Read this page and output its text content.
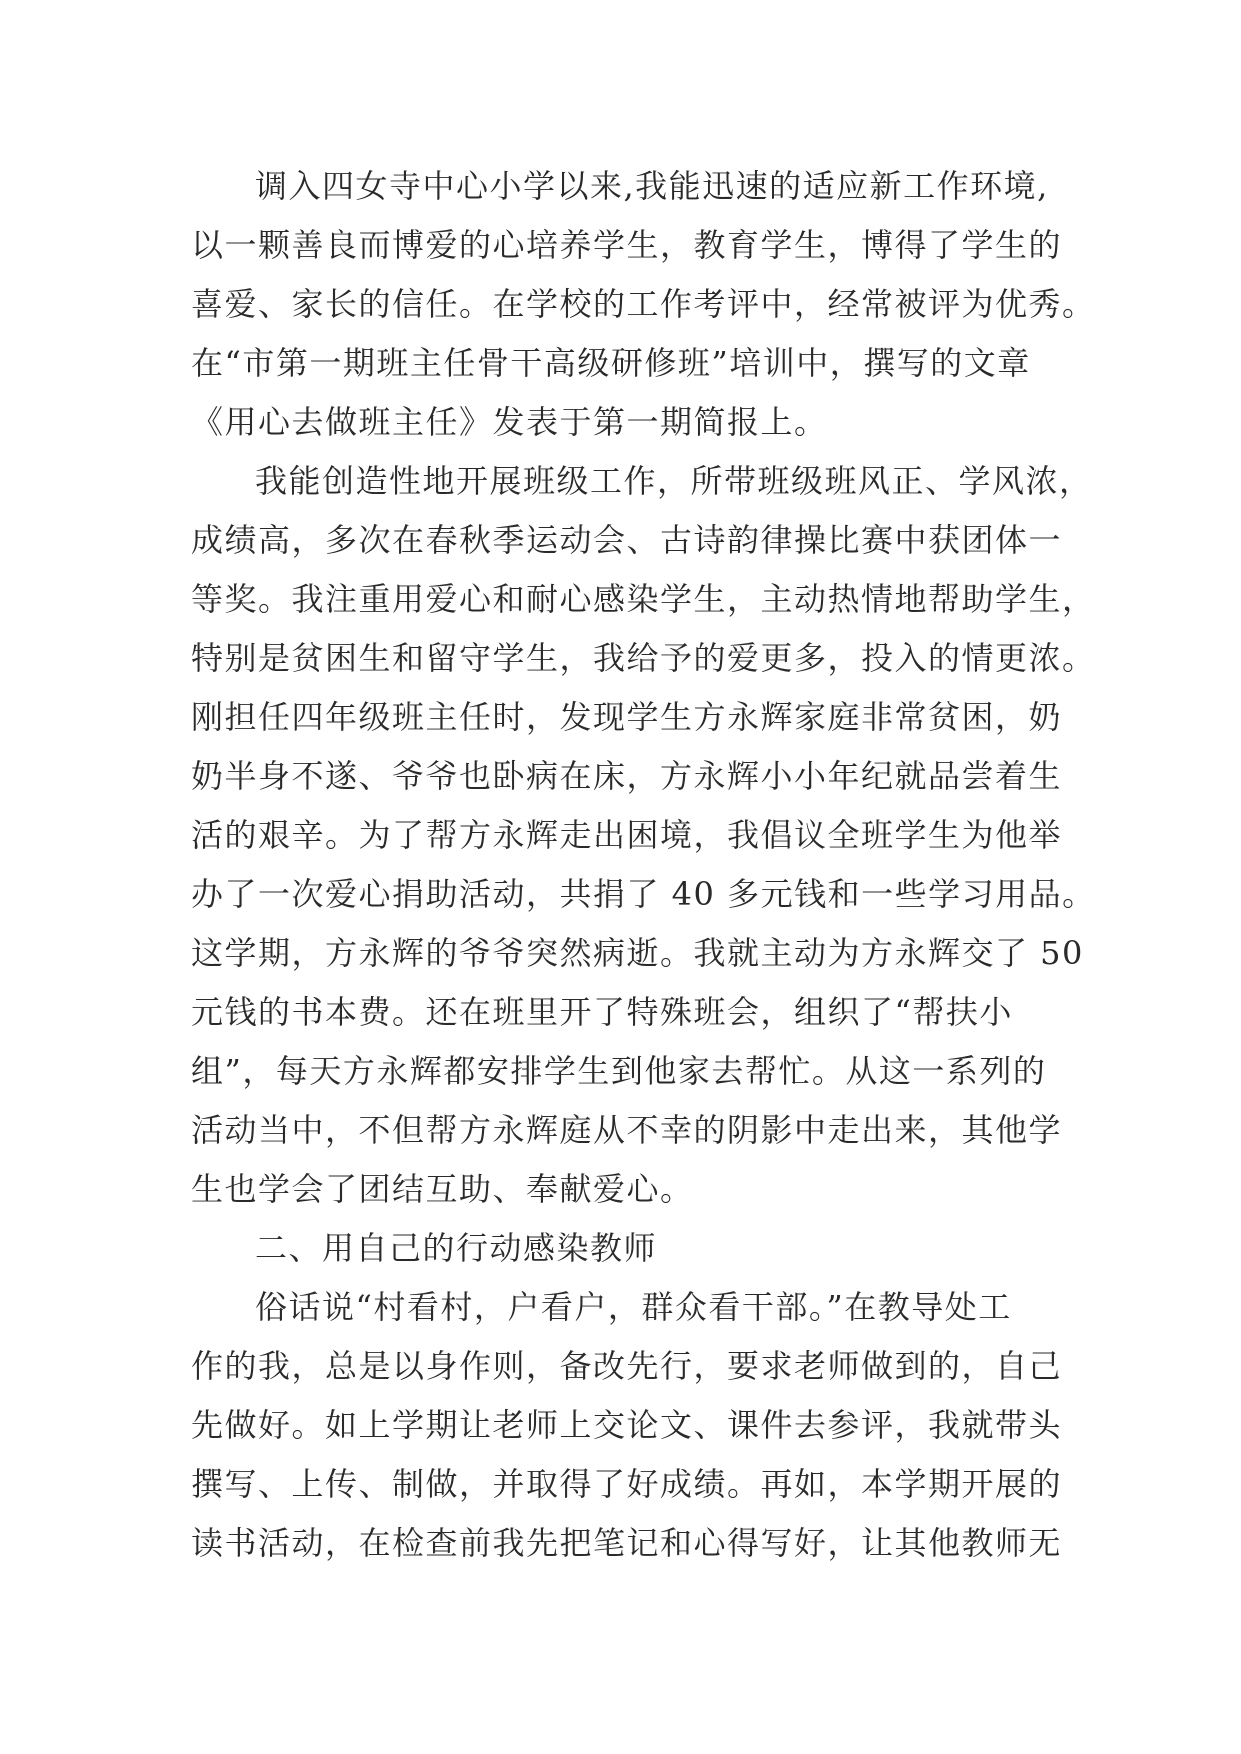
调入四女寺中心小学以来,我能迅速的适应新工作环境,
以一颗善良而博爱的心培养学生，教育学生，博得了学生的
喜爱、家长的信任。在学校的工作考评中，经常被评为优秀。
在“市第一期班主任骨干高级研修班”培训中，撰写的文章
《用心去做班主任》发表于第一期简报上。
我能创造性地开展班级工作，所带班级班风正、学风浓，
成绩高，多次在春秋季运动会、古诗韵律操比赛中获团体一
等奖。我注重用爱心和耐心感染学生，主动热情地帮助学生，
特别是贫困生和留守学生，我给予的爱更多，投入的情更浓。
刚担任四年级班主任时，发现学生方永辉家庭非常贫困，奶
奶半身不遂、爷爷也卧病在床，方永辉小小年纪就品尝着生
活的艰辛。为了帮方永辉走出困境，我倡议全班学生为他举
办了一次爱心捐助活动，共捐了 40 多元钱和一些学习用品。
这学期，方永辉的爷爷突然病逝。我就主动为方永辉交了 50
元钱的书本费。还在班里开了特殊班会，组织了“帮扶小
组”，每天方永辉都安排学生到他家去帮忙。从这一系列的
活动当中，不但帮方永辉庭从不幸的阴影中走出来，其他学
生也学会了团结互助、奉献爱心。
二、用自己的行动感染教师
俗话说“村看村，户看户，群众看干部。”在教导处工
作的我，总是以身作则，备改先行，要求老师做到的，自己
先做好。如上学期让老师上交论文、课件去参评，我就带头
撰写、上传、制做，并取得了好成绩。再如，本学期开展的
读书活动，在检查前我先把笔记和心得写好，让其他教师无
